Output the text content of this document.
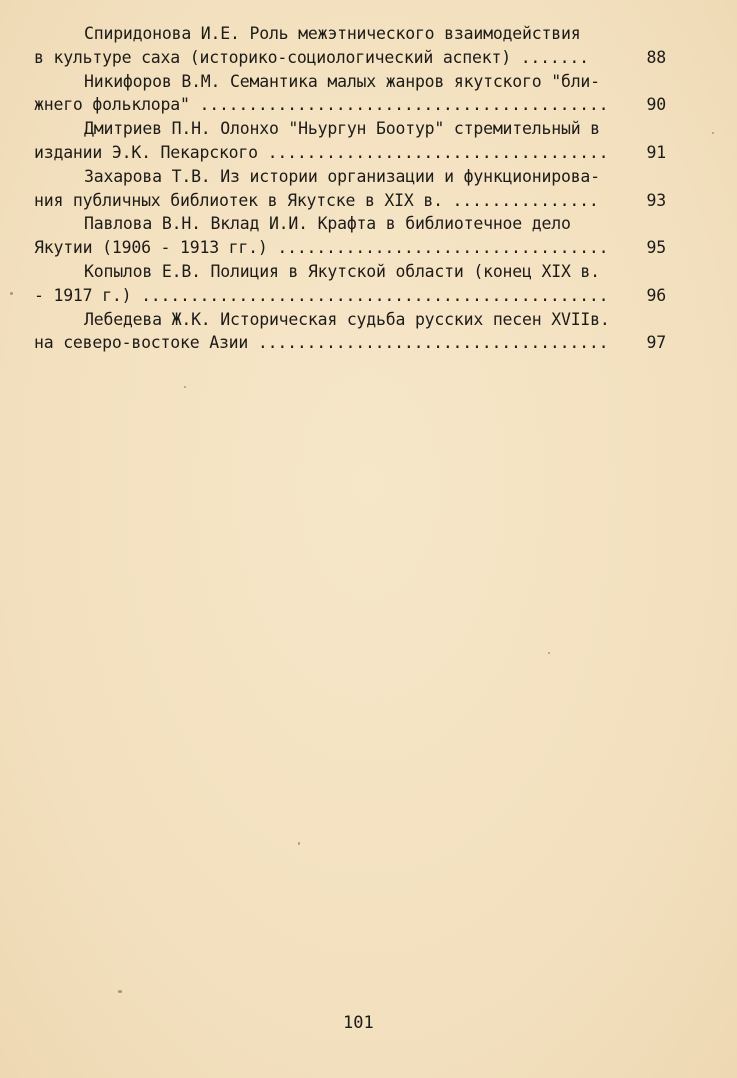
Спиридонова И.Е. Роль межэтнического взаимодействия
в культуре саха (историко-социологический аспект) .......	88
Никифоров В.М. Семантика малых жанров якутского "бли-
жнего фольклора" .......................................... 90
Дмитриев П.Н. Олонхо "Ньургун Боотур" стремительный в
издании Э.К. Пекарского ................................... 91
Захарова Т.В. Из истории организации и функционирова-
ния публичных библиотек в Якутске в XIX в. ...............	93
Павлова В.Н. Вклад И.И. Крафта в библиотечное дело
Якутии (1906 - 1913 гг.) .................................. 95
Копылов Е.В. Полиция в Якутской области (конец XIX в.
- 1917 г.) ................................................ 96
Лебедева Ж.К. Историческая судьба русских песен XVIIв.
на северо-востоке Азии .................................... 97
101
